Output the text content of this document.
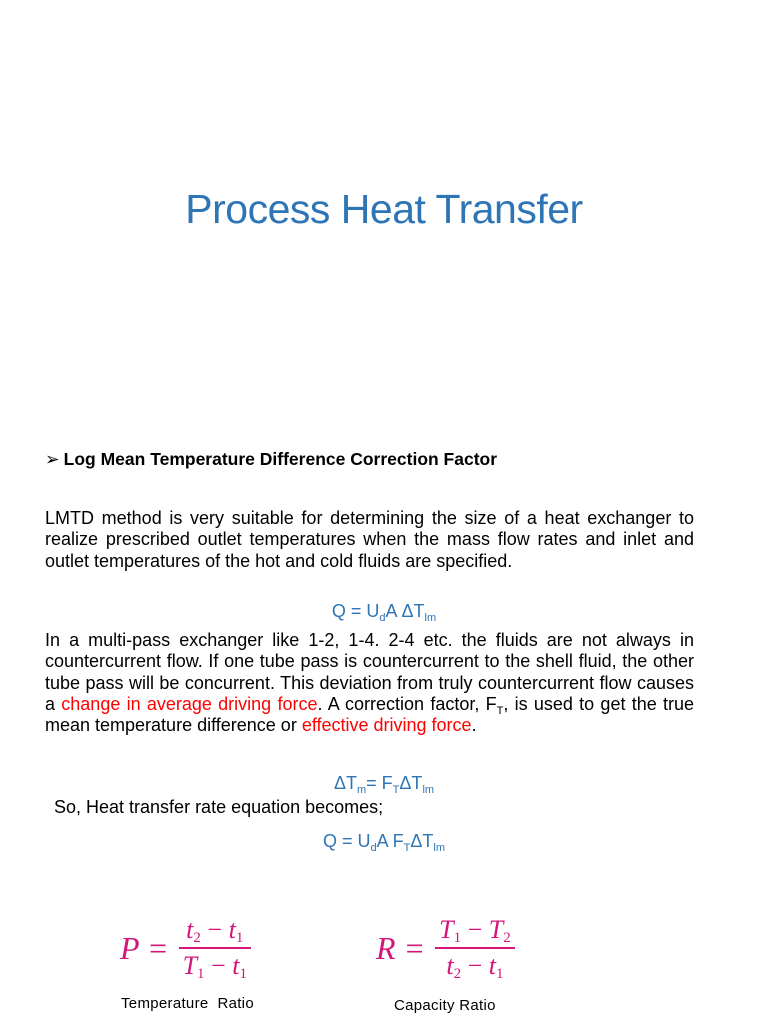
Process Heat Transfer
➢ Log Mean Temperature Difference Correction Factor
LMTD method is very suitable for determining the size of a heat exchanger to realize prescribed outlet temperatures when the mass flow rates and inlet and outlet temperatures of the hot and cold fluids are specified.
$Q = U_dA$ $\Delta T_{lm}$
In a multi-pass exchanger like 1-2, 1-4. 2-4 etc. the fluids are not always in countercurrent flow. If one tube pass is countercurrent to the shell fluid, the other tube pass will be concurrent. This deviation from truly countercurrent flow causes a change in average driving force. A correction factor, $F_T$, is used to get the true mean temperature difference or effective driving force.
$\Delta T_m= F_T\Delta T_{lm}$
So, Heat transfer rate equation becomes;
$Q = U_dA$ $F_T\Delta T_{lm}$
$P = \frac{t_2 - t_1}{T_1 - t_1}$	$R = \frac{T_1 - T_2}{t_2 - t_1}$
Temperature  Ratio	Capacity Ratio
